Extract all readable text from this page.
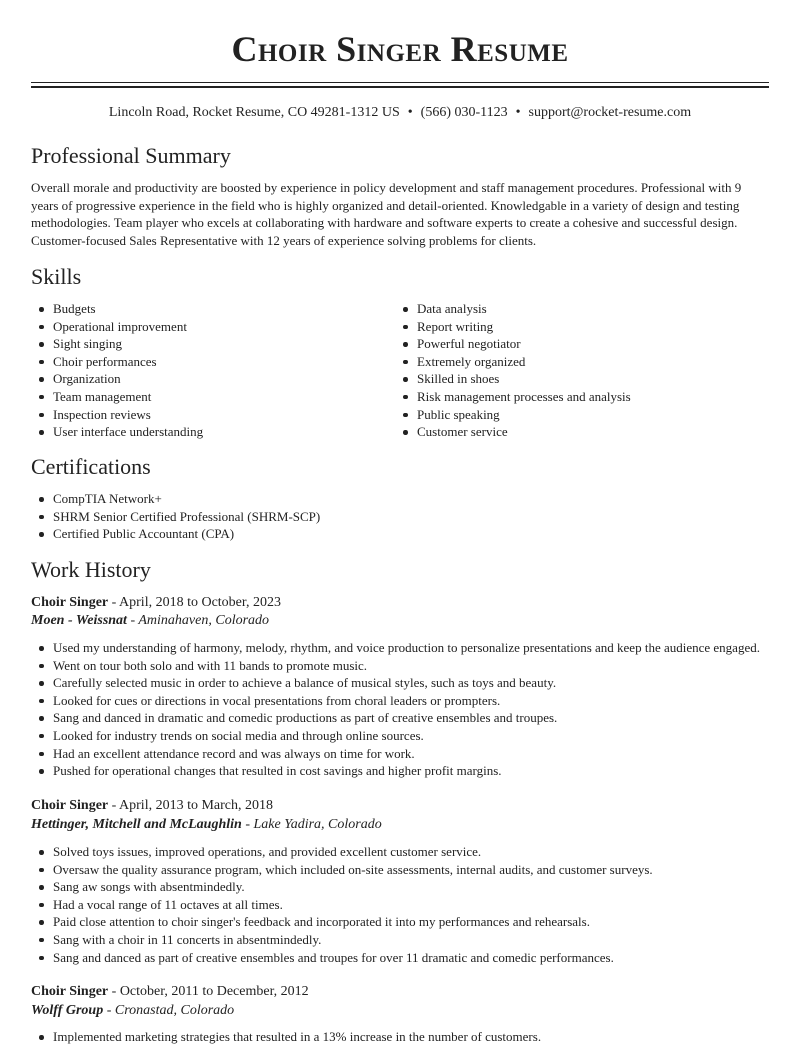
Choir Singer Resume
Lincoln Road, Rocket Resume, CO 49281-1312 US • (566) 030-1123 • support@rocket-resume.com
Professional Summary
Overall morale and productivity are boosted by experience in policy development and staff management procedures. Professional with 9 years of progressive experience in the field who is highly organized and detail-oriented. Knowledgable in a variety of design and testing methodologies. Team player who excels at collaborating with hardware and software experts to create a cohesive and successful design. Customer-focused Sales Representative with 12 years of experience solving problems for clients.
Skills
Budgets
Operational improvement
Sight singing
Choir performances
Organization
Team management
Inspection reviews
User interface understanding
Data analysis
Report writing
Powerful negotiator
Extremely organized
Skilled in shoes
Risk management processes and analysis
Public speaking
Customer service
Certifications
CompTIA Network+
SHRM Senior Certified Professional (SHRM-SCP)
Certified Public Accountant (CPA)
Work History
Choir Singer - April, 2018 to October, 2023
Moen - Weissnat - Aminahaven, Colorado
Used my understanding of harmony, melody, rhythm, and voice production to personalize presentations and keep the audience engaged.
Went on tour both solo and with 11 bands to promote music.
Carefully selected music in order to achieve a balance of musical styles, such as toys and beauty.
Looked for cues or directions in vocal presentations from choral leaders or prompters.
Sang and danced in dramatic and comedic productions as part of creative ensembles and troupes.
Looked for industry trends on social media and through online sources.
Had an excellent attendance record and was always on time for work.
Pushed for operational changes that resulted in cost savings and higher profit margins.
Choir Singer - April, 2013 to March, 2018
Hettinger, Mitchell and McLaughlin - Lake Yadira, Colorado
Solved toys issues, improved operations, and provided excellent customer service.
Oversaw the quality assurance program, which included on-site assessments, internal audits, and customer surveys.
Sang aw songs with absentmindedly.
Had a vocal range of 11 octaves at all times.
Paid close attention to choir singer's feedback and incorporated it into my performances and rehearsals.
Sang with a choir in 11 concerts in absentmindedly.
Sang and danced as part of creative ensembles and troupes for over 11 dramatic and comedic performances.
Choir Singer - October, 2011 to December, 2012
Wolff Group - Cronastad, Colorado
Implemented marketing strategies that resulted in a 13% increase in the number of customers.
